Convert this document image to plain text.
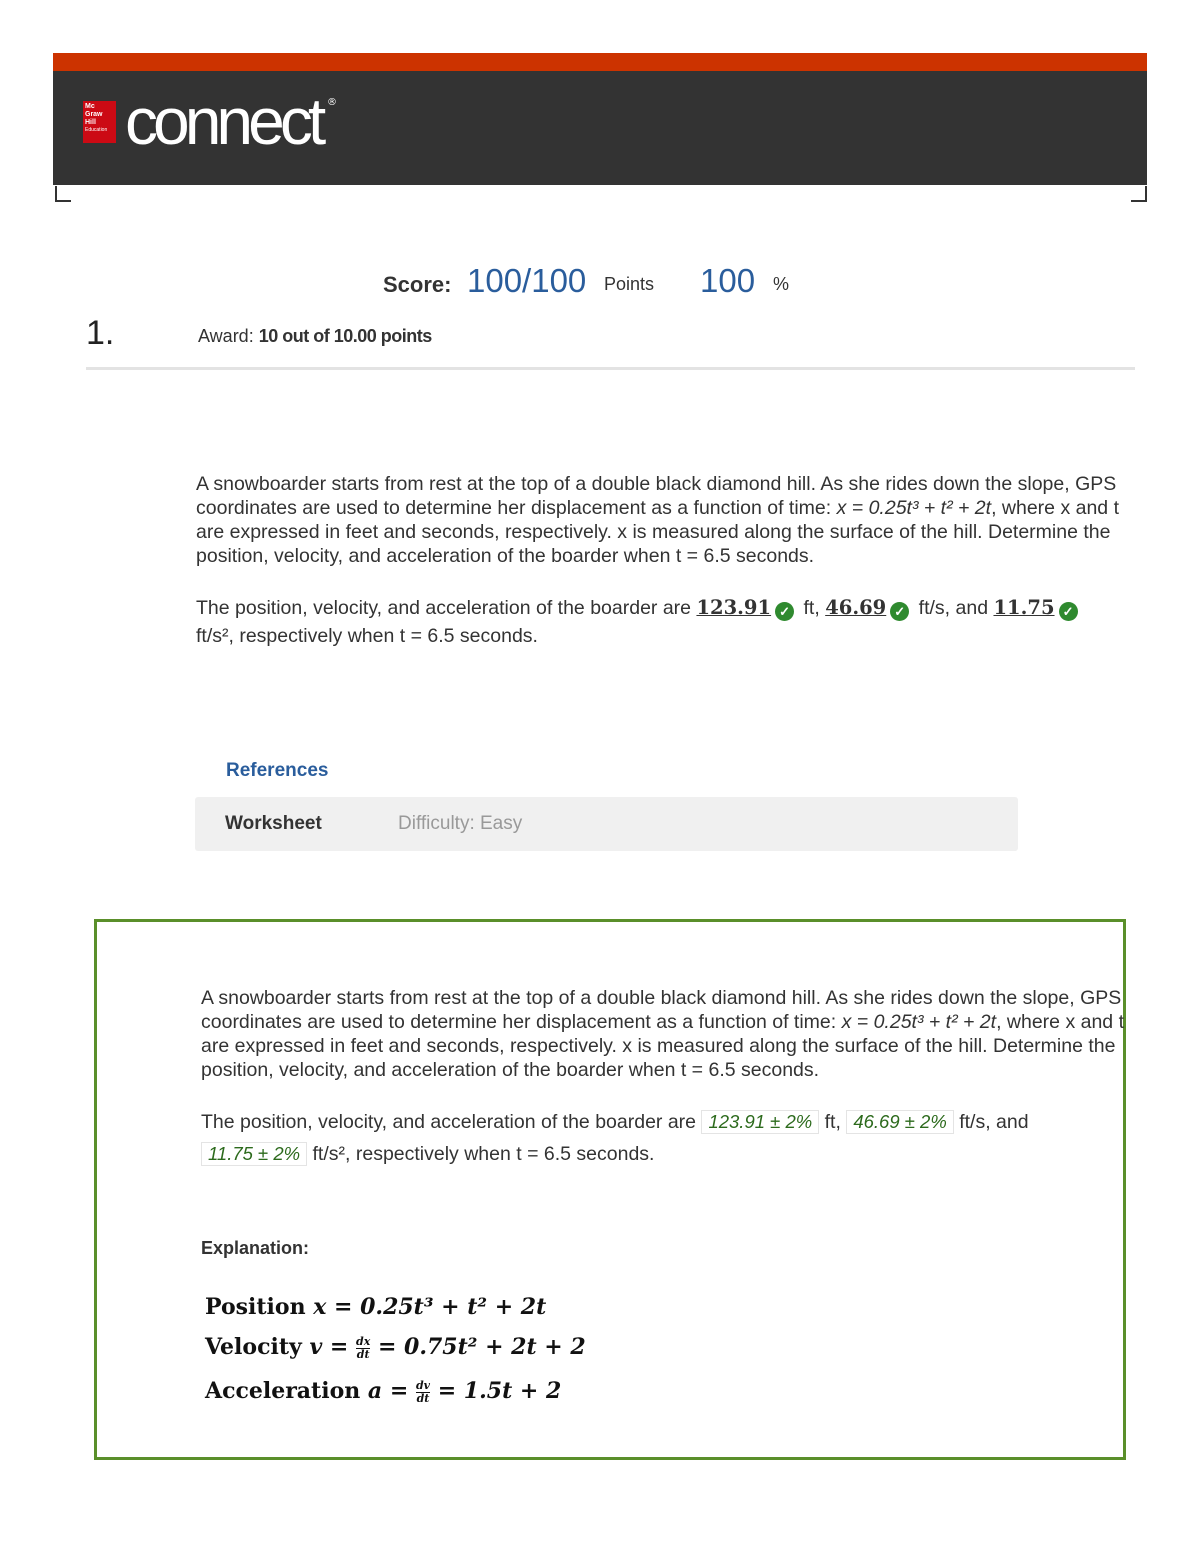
Mc
Graw
Hill
Education connect ®
Score: 100/100 Points 100 %
1.	Award: 10 out of 10.00 points
A snowboarder starts from rest at the top of a double black diamond hill. As she rides down the slope, GPS coordinates are used to determine her displacement as a function of time: x = 0.25t³ + t² + 2t, where x and t are expressed in feet and seconds, respectively. x is measured along the surface of the hill. Determine the position, velocity, and acceleration of the boarder when t = 6.5 seconds.
The position, velocity, and acceleration of the boarder are 123.91 ✓ ft, 46.69 ✓ ft/s, and 11.75 ✓
ft/s², respectively when t = 6.5 seconds.
References
Worksheet	Difficulty: Easy
A snowboarder starts from rest at the top of a double black diamond hill. As she rides down the slope, GPS coordinates are used to determine her displacement as a function of time: x = 0.25t³ + t² + 2t, where x and t are expressed in feet and seconds, respectively. x is measured along the surface of the hill. Determine the position, velocity, and acceleration of the boarder when t = 6.5 seconds.
The position, velocity, and acceleration of the boarder are 123.91 ± 2% ft, 46.69 ± 2% ft/s, and
11.75 ± 2% ft/s², respectively when t = 6.5 seconds.
Explanation:
Position x = 0.25t³ + t² + 2t
Velocity $v = \frac{dx}{dt} = 0.75t^2 + 2t + 2$
Acceleration $a = \frac{dv}{dt} = 1.5t + 2$
